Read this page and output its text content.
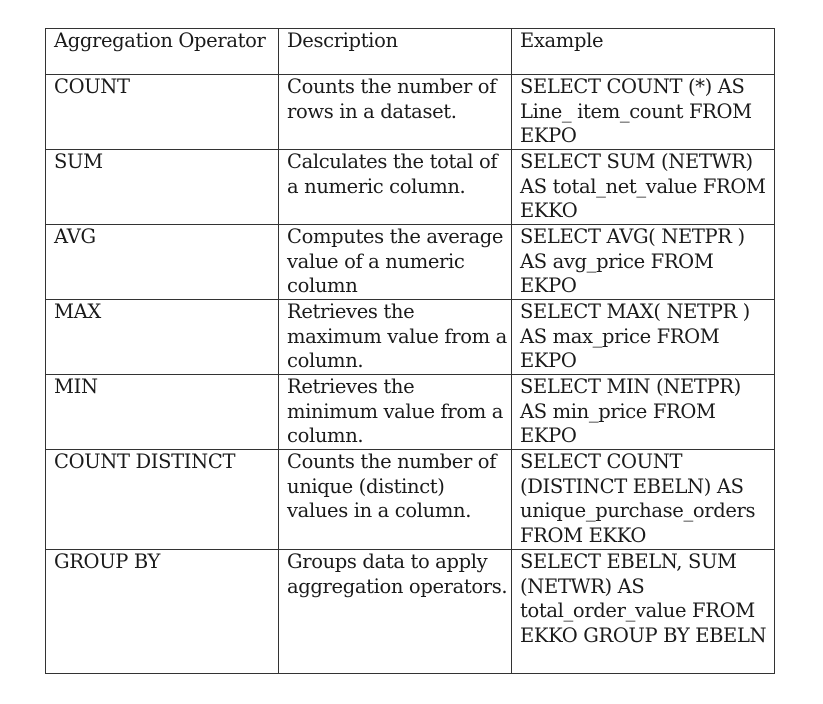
Aggregation Operator	Description	Example
COUNT	Counts the number of rows in a dataset.	SELECT COUNT (*) AS Line_ item_count FROM EKPO
SUM	Calculates the total of a numeric column.	SELECT SUM (NETWR) AS total_net_value FROM EKKO
AVG	Computes the average value of a numeric column	SELECT AVG( NETPR ) AS avg_price FROM EKPO
MAX	Retrieves the maximum value from a column.	SELECT MAX( NETPR ) AS max_price FROM EKPO
MIN	Retrieves the minimum value from a column.	SELECT MIN (NETPR) AS min_price FROM EKPO
COUNT DISTINCT	Counts the number of unique (distinct) values in a column.	SELECT COUNT (DISTINCT EBELN) AS unique_purchase_orders FROM EKKO
GROUP BY	Groups data to apply aggregation operators.	SELECT EBELN, SUM (NETWR) AS total_order_value FROM EKKO GROUP BY EBELN
